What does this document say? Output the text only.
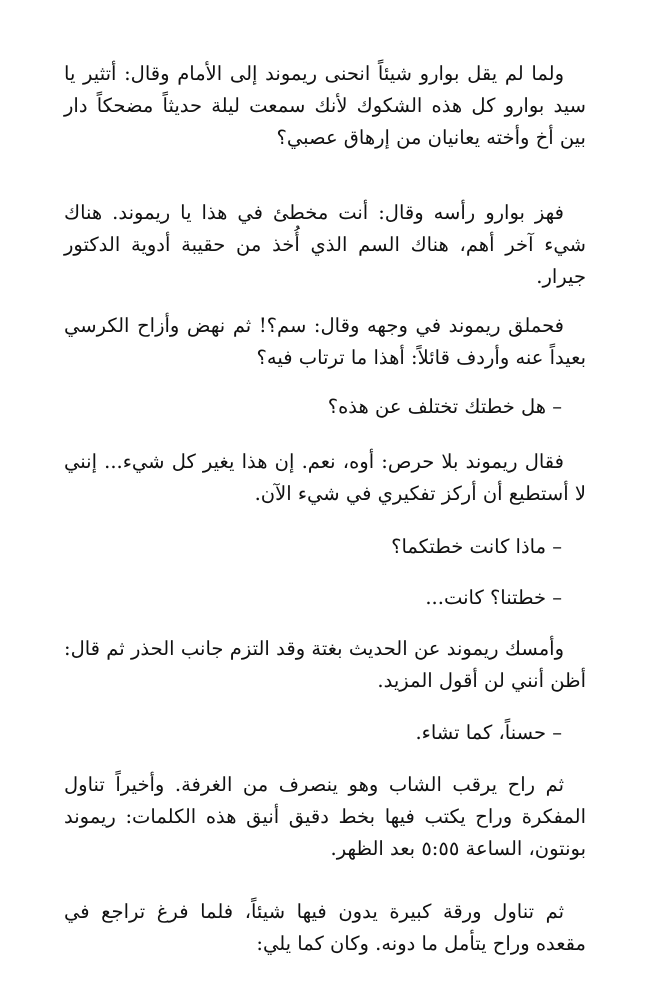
ولما لم يقل بوارو شيئاً انحنى ريموند إلى الأمام وقال: أتثير يا سيد بوارو كل هذه الشكوك لأنك سمعت ليلة حديثاً مضحكاً دار بين أخ وأخته يعانيان من إرهاق عصبي؟

فهز بوارو رأسه وقال: أنت مخطئ في هذا يا ريموند. هناك شيء آخر أهم، هناك السم الذي أُخذ من حقيبة أدوية الدكتور جيرار.

فحملق ريموند في وجهه وقال: سم؟! ثم نهض وأزاح الكرسي بعيداً عنه وأردف قائلاً: أهذا ما ترتاب فيه؟

– هل خطتك تختلف عن هذه؟

فقال ريموند بلا حرص: أوه، نعم. إن هذا يغير كل شيء... إنني لا أستطيع أن أركز تفكيري في شيء الآن.

– ماذا كانت خطتكما؟

– خطتنا؟ كانت...

وأمسك ريموند عن الحديث بغتة وقد التزم جانب الحذر ثم قال: أظن أنني لن أقول المزيد.

– حسناً، كما تشاء.

ثم راح يرقب الشاب وهو ينصرف من الغرفة. وأخيراً تناول المفكرة وراح يكتب فيها بخط دقيق أنيق هذه الكلمات: ريموند بونتون، الساعة ٥:٥٥ بعد الظهر.

ثم تناول ورقة كبيرة يدون فيها شيئاً، فلما فرغ تراجع في مقعده وراح يتأمل ما دونه. وكان كما يلي:
